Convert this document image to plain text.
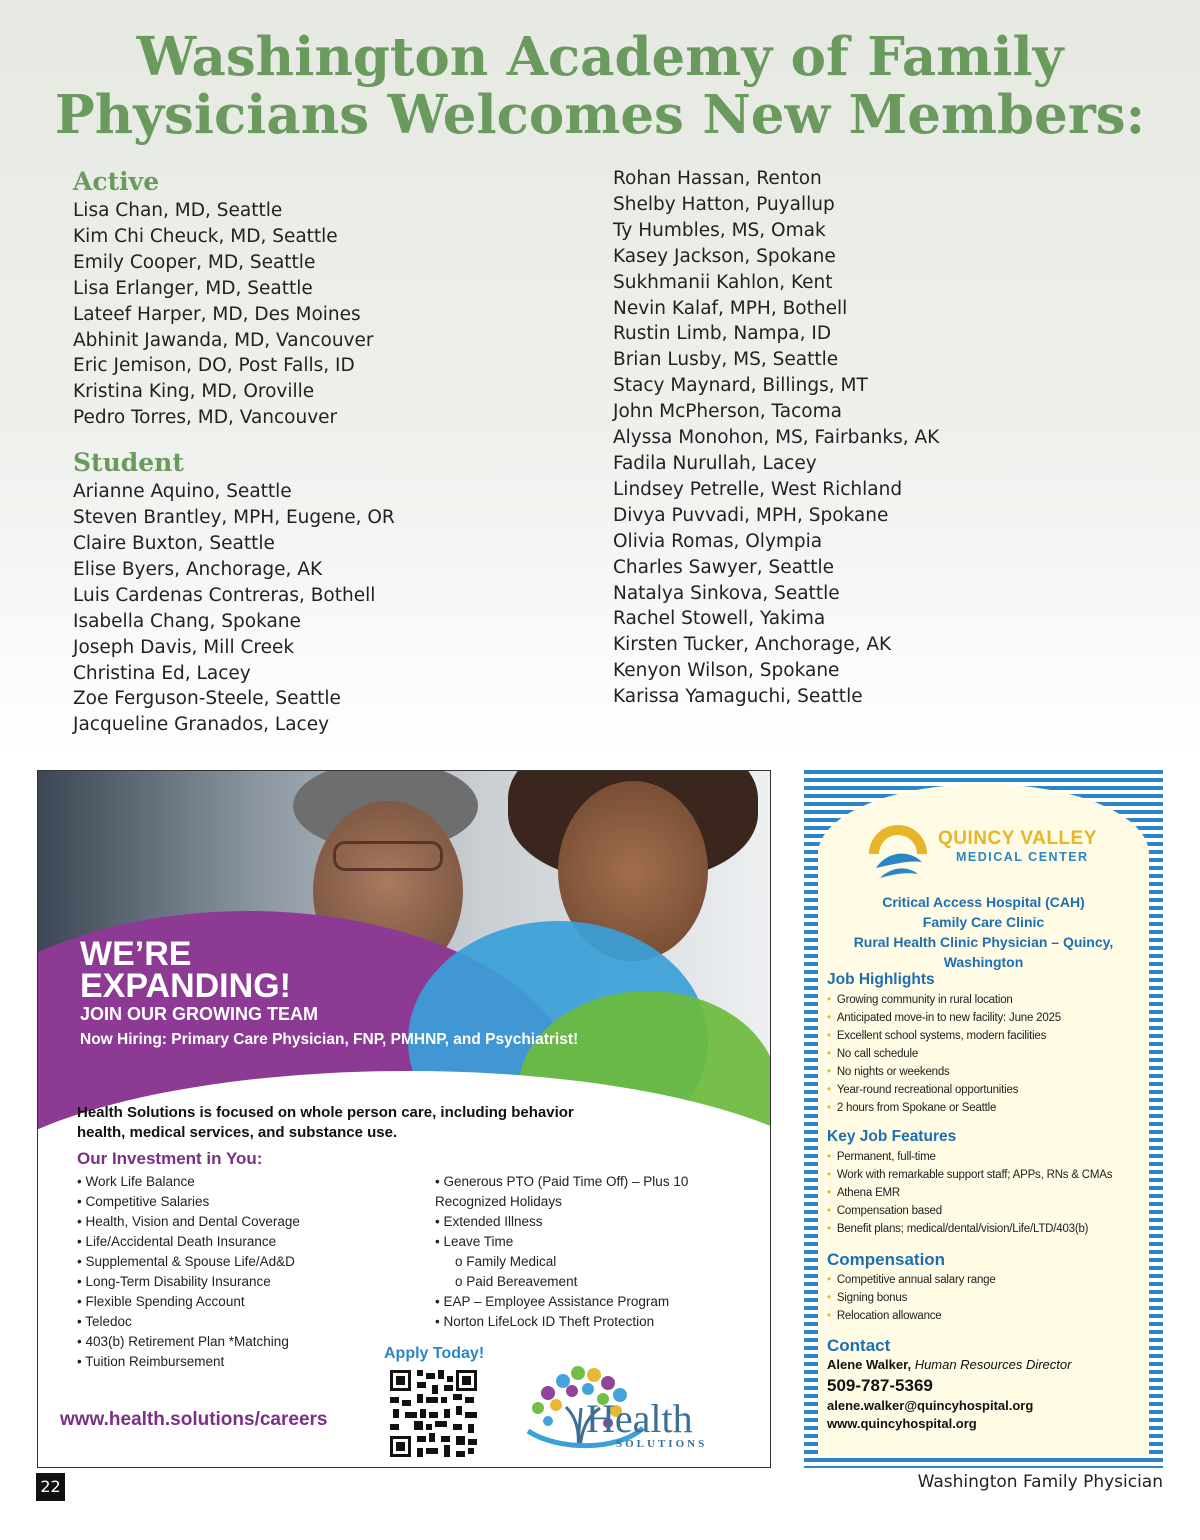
Washington Academy of Family
Physicians Welcomes New Members:
Active
Lisa Chan, MD, Seattle
Kim Chi Cheuck, MD, Seattle
Emily Cooper, MD, Seattle
Lisa Erlanger, MD, Seattle
Lateef Harper, MD, Des Moines
Abhinit Jawanda, MD, Vancouver
Eric Jemison, DO, Post Falls, ID
Kristina King, MD, Oroville
Pedro Torres, MD, Vancouver
Student
Arianne Aquino, Seattle
Steven Brantley, MPH, Eugene, OR
Claire Buxton, Seattle
Elise Byers, Anchorage, AK
Luis Cardenas Contreras, Bothell
Isabella Chang, Spokane
Joseph Davis, Mill Creek
Christina Ed, Lacey
Zoe Ferguson-Steele, Seattle
Jacqueline Granados, Lacey
Rohan Hassan, Renton
Shelby Hatton, Puyallup
Ty Humbles, MS, Omak
Kasey Jackson, Spokane
Sukhmanii Kahlon, Kent
Nevin Kalaf, MPH, Bothell
Rustin Limb, Nampa, ID
Brian Lusby, MS, Seattle
Stacy Maynard, Billings, MT
John McPherson, Tacoma
Alyssa Monohon, MS, Fairbanks, AK
Fadila Nurullah, Lacey
Lindsey Petrelle, West Richland
Divya Puvvadi, MPH, Spokane
Olivia Romas, Olympia
Charles Sawyer, Seattle
Natalya Sinkova, Seattle
Rachel Stowell, Yakima
Kirsten Tucker, Anchorage, AK
Kenyon Wilson, Spokane
Karissa Yamaguchi, Seattle
WE’RE
EXPANDING!
JOIN OUR GROWING TEAM
Now Hiring: Primary Care Physician, FNP, PMHNP, and Psychiatrist!
Health Solutions is focused on whole person care, including behavior health, medical services, and substance use.
Our Investment in You:
• Work Life Balance
• Competitive Salaries
• Health, Vision and Dental Coverage
• Life/Accidental Death Insurance
• Supplemental & Spouse Life/Ad&D
• Long-Term Disability Insurance
• Flexible Spending Account
• Teledoc
• 403(b) Retirement Plan *Matching
• Tuition Reimbursement
• Generous PTO (Paid Time Off) – Plus 10
Recognized Holidays
• Extended Illness
• Leave Time
o Family Medical
o Paid Bereavement
• EAP – Employee Assistance Program
• Norton LifeLock ID Theft Protection
Apply Today!
www.health.solutions/careers	Health
SOLUTIONS
QUINCY VALLEY
MEDICAL CENTER
Critical Access Hospital (CAH)
Family Care Clinic
Rural Health Clinic Physician – Quincy, Washington
Job Highlights
• Growing community in rural location
• Anticipated move-in to new facility: June 2025
• Excellent school systems, modern facilities
• No call schedule
• No nights or weekends
• Year-round recreational opportunities
• 2 hours from Spokane or Seattle
Key Job Features
• Permanent, full-time
• Work with remarkable support staff; APPs, RNs & CMAs
• Athena EMR
• Compensation based
• Benefit plans; medical/dental/vision/Life/LTD/403(b)
Compensation
• Competitive annual salary range
• Signing bonus
• Relocation allowance
Contact
Alene Walker, Human Resources Director
509-787-5369
alene.walker@quincyhospital.org
www.quincyhospital.org
22	Washington Family Physician
